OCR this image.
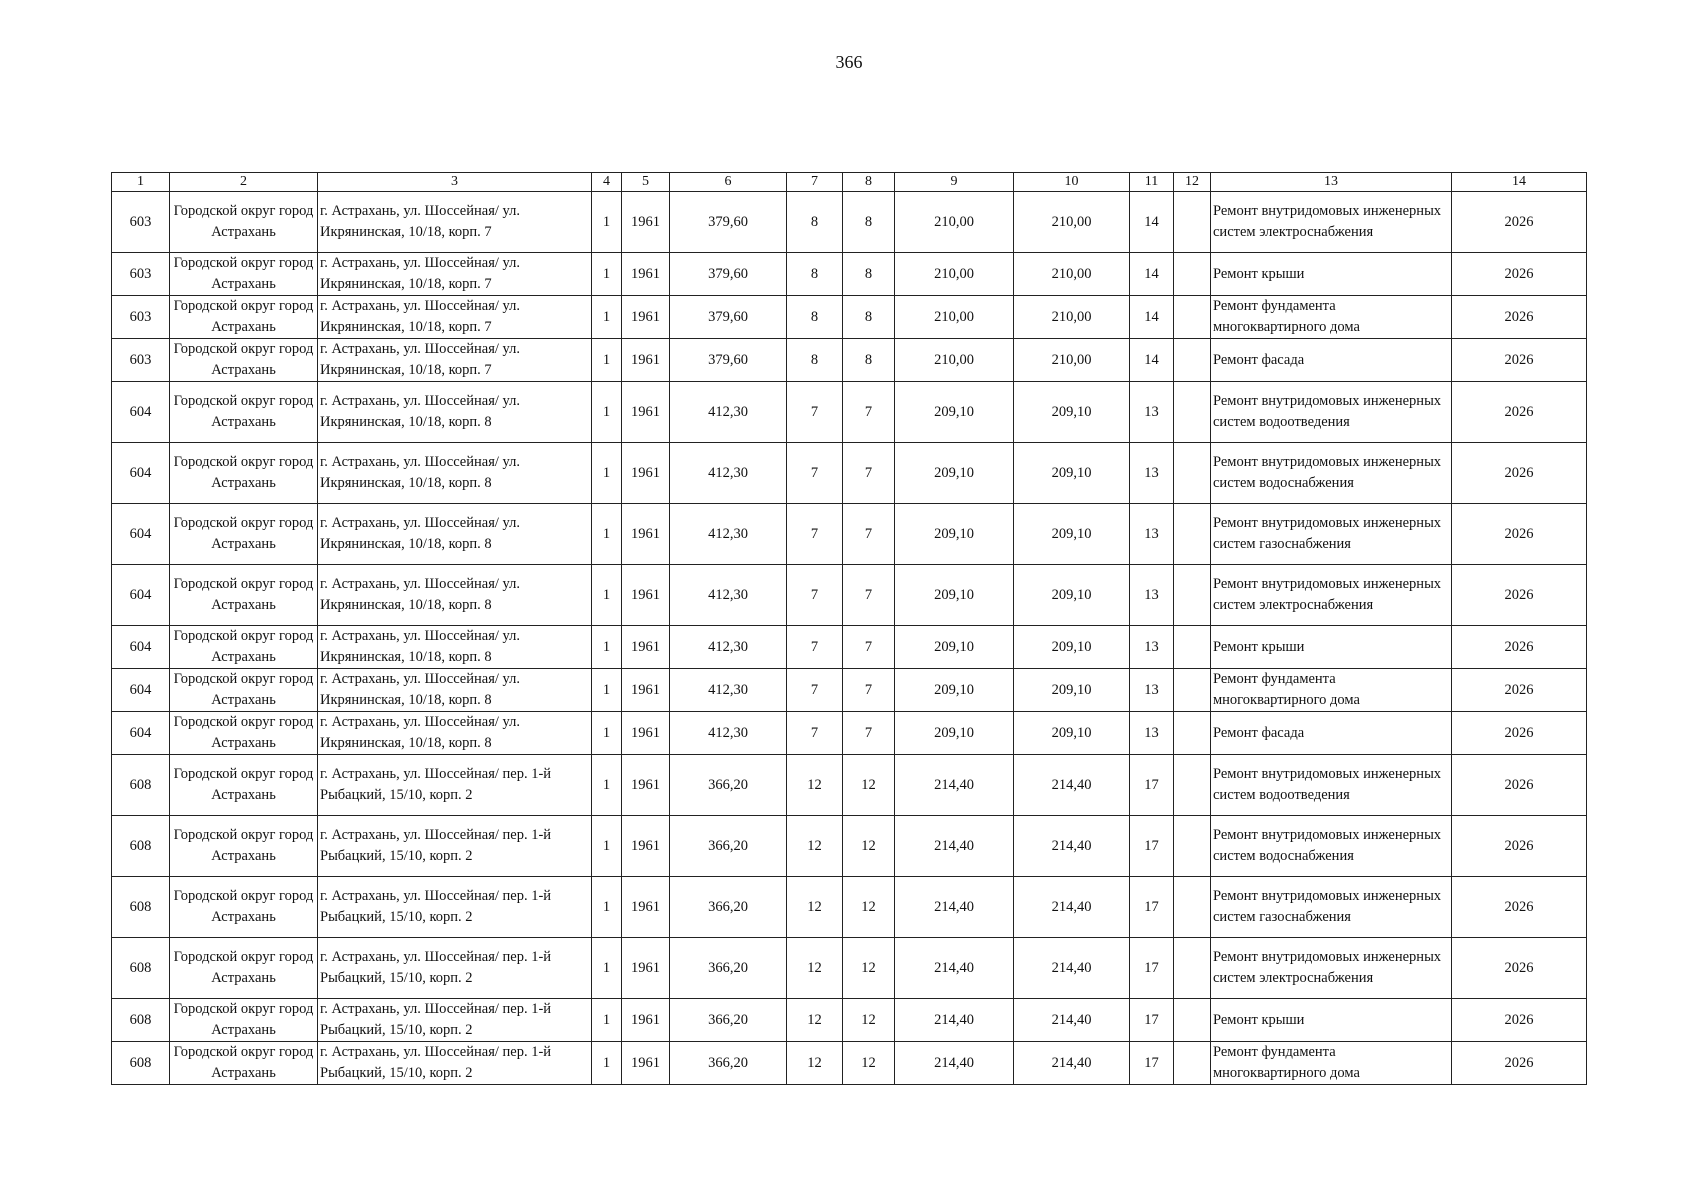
366
1	2	3	4	5	6	7	8	9	10	11	12	13	14
603	Городской округ город Астрахань	г. Астрахань, ул. Шоссейная/ ул. Икрянинская, 10/18, корп. 7	1	1961	379,60	8	8	210,00	210,00	14		Ремонт внутридомовых инженерных систем электроснабжения	2026
603	Городской округ город Астрахань	г. Астрахань, ул. Шоссейная/ ул. Икрянинская, 10/18, корп. 7	1	1961	379,60	8	8	210,00	210,00	14		Ремонт крыши	2026
603	Городской округ город Астрахань	г. Астрахань, ул. Шоссейная/ ул. Икрянинская, 10/18, корп. 7	1	1961	379,60	8	8	210,00	210,00	14		Ремонт фундамента многоквартирного дома	2026
603	Городской округ город Астрахань	г. Астрахань, ул. Шоссейная/ ул. Икрянинская, 10/18, корп. 7	1	1961	379,60	8	8	210,00	210,00	14		Ремонт фасада	2026
604	Городской округ город Астрахань	г. Астрахань, ул. Шоссейная/ ул. Икрянинская, 10/18, корп. 8	1	1961	412,30	7	7	209,10	209,10	13		Ремонт внутридомовых инженерных систем водоотведения	2026
604	Городской округ город Астрахань	г. Астрахань, ул. Шоссейная/ ул. Икрянинская, 10/18, корп. 8	1	1961	412,30	7	7	209,10	209,10	13		Ремонт внутридомовых инженерных систем водоснабжения	2026
604	Городской округ город Астрахань	г. Астрахань, ул. Шоссейная/ ул. Икрянинская, 10/18, корп. 8	1	1961	412,30	7	7	209,10	209,10	13		Ремонт внутридомовых инженерных систем газоснабжения	2026
604	Городской округ город Астрахань	г. Астрахань, ул. Шоссейная/ ул. Икрянинская, 10/18, корп. 8	1	1961	412,30	7	7	209,10	209,10	13		Ремонт внутридомовых инженерных систем электроснабжения	2026
604	Городской округ город Астрахань	г. Астрахань, ул. Шоссейная/ ул. Икрянинская, 10/18, корп. 8	1	1961	412,30	7	7	209,10	209,10	13		Ремонт крыши	2026
604	Городской округ город Астрахань	г. Астрахань, ул. Шоссейная/ ул. Икрянинская, 10/18, корп. 8	1	1961	412,30	7	7	209,10	209,10	13		Ремонт фундамента многоквартирного дома	2026
604	Городской округ город Астрахань	г. Астрахань, ул. Шоссейная/ ул. Икрянинская, 10/18, корп. 8	1	1961	412,30	7	7	209,10	209,10	13		Ремонт фасада	2026
608	Городской округ город Астрахань	г. Астрахань, ул. Шоссейная/ пер. 1-й Рыбацкий, 15/10, корп. 2	1	1961	366,20	12	12	214,40	214,40	17		Ремонт внутридомовых инженерных систем водоотведения	2026
608	Городской округ город Астрахань	г. Астрахань, ул. Шоссейная/ пер. 1-й Рыбацкий, 15/10, корп. 2	1	1961	366,20	12	12	214,40	214,40	17		Ремонт внутридомовых инженерных систем водоснабжения	2026
608	Городской округ город Астрахань	г. Астрахань, ул. Шоссейная/ пер. 1-й Рыбацкий, 15/10, корп. 2	1	1961	366,20	12	12	214,40	214,40	17		Ремонт внутридомовых инженерных систем газоснабжения	2026
608	Городской округ город Астрахань	г. Астрахань, ул. Шоссейная/ пер. 1-й Рыбацкий, 15/10, корп. 2	1	1961	366,20	12	12	214,40	214,40	17		Ремонт внутридомовых инженерных систем электроснабжения	2026
608	Городской округ город Астрахань	г. Астрахань, ул. Шоссейная/ пер. 1-й Рыбацкий, 15/10, корп. 2	1	1961	366,20	12	12	214,40	214,40	17		Ремонт крыши	2026
608	Городской округ город Астрахань	г. Астрахань, ул. Шоссейная/ пер. 1-й Рыбацкий, 15/10, корп. 2	1	1961	366,20	12	12	214,40	214,40	17		Ремонт фундамента многоквартирного дома	2026
